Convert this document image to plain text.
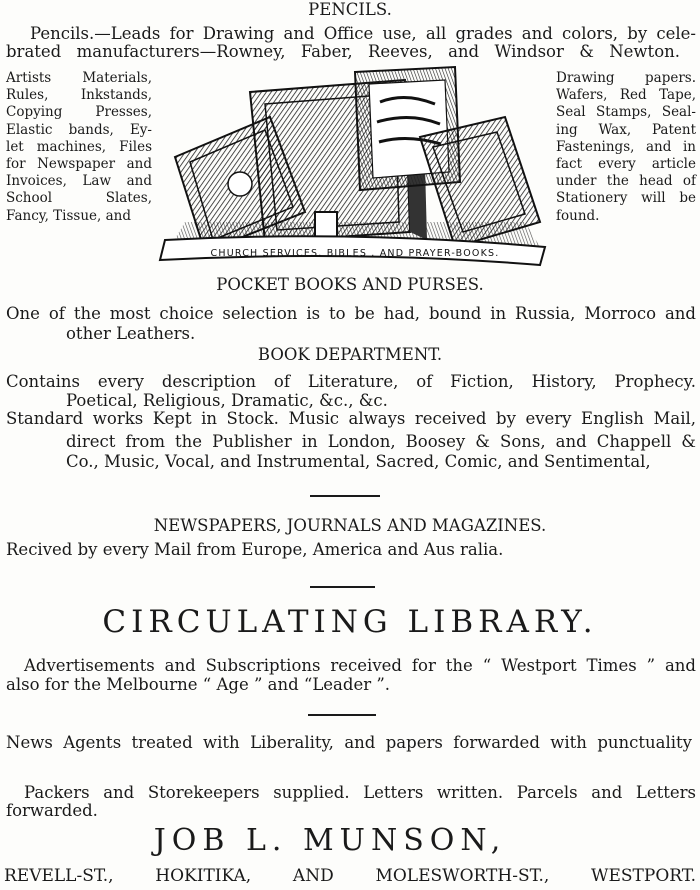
PENCILS.
Pencils.—Leads for Drawing and Office use, all grades and colors, by cele-
brated manufacturers—Rowney, Faber, Reeves, and Windsor & Newton.
Artists Materials,
Rules, Inkstands,
Copying Presses,
Elastic bands, Ey-
let machines, Files
for Newspaper and
Invoices, Law and
School Slates,
Fancy, Tissue, and
CHURCH SERVICES. BIBLES . AND PRAYER-BOOKS.
Drawing papers.
Wafers, Red Tape,
Seal Stamps, Seal-
ing Wax, Patent
Fastenings, and in
fact every article
under the head of
Stationery will be
found.
POCKET BOOKS AND PURSES.
One of the most choice selection is to be had, bound in Russia, Morroco and
other Leathers.
BOOK DEPARTMENT.
Contains every description of Literature, of Fiction, History, Prophecy.
Poetical, Religious, Dramatic, &c., &c.
Standard works Kept in Stock. Music always received by every English Mail,
direct from the Publisher in London, Boosey & Sons, and Chappell &
Co., Music, Vocal, and Instrumental, Sacred, Comic, and Sentimental,
NEWSPAPERS, JOURNALS AND MAGAZINES.
Recived by every Mail from Europe, America and Aus ralia.
CIRCULATING LIBRARY.
Advertisements and Subscriptions received for the “ Westport Times ” and
also for the Melbourne “ Age ” and “Leader ”.
News Agents treated with Liberality, and papers forwarded with punctuality
Packers and Storekeepers supplied. Letters written. Parcels and Letters
forwarded.
JOB L. MUNSON,
REVELL-ST., HOKITIKA, AND MOLESWORTH-ST., WESTPORT.
